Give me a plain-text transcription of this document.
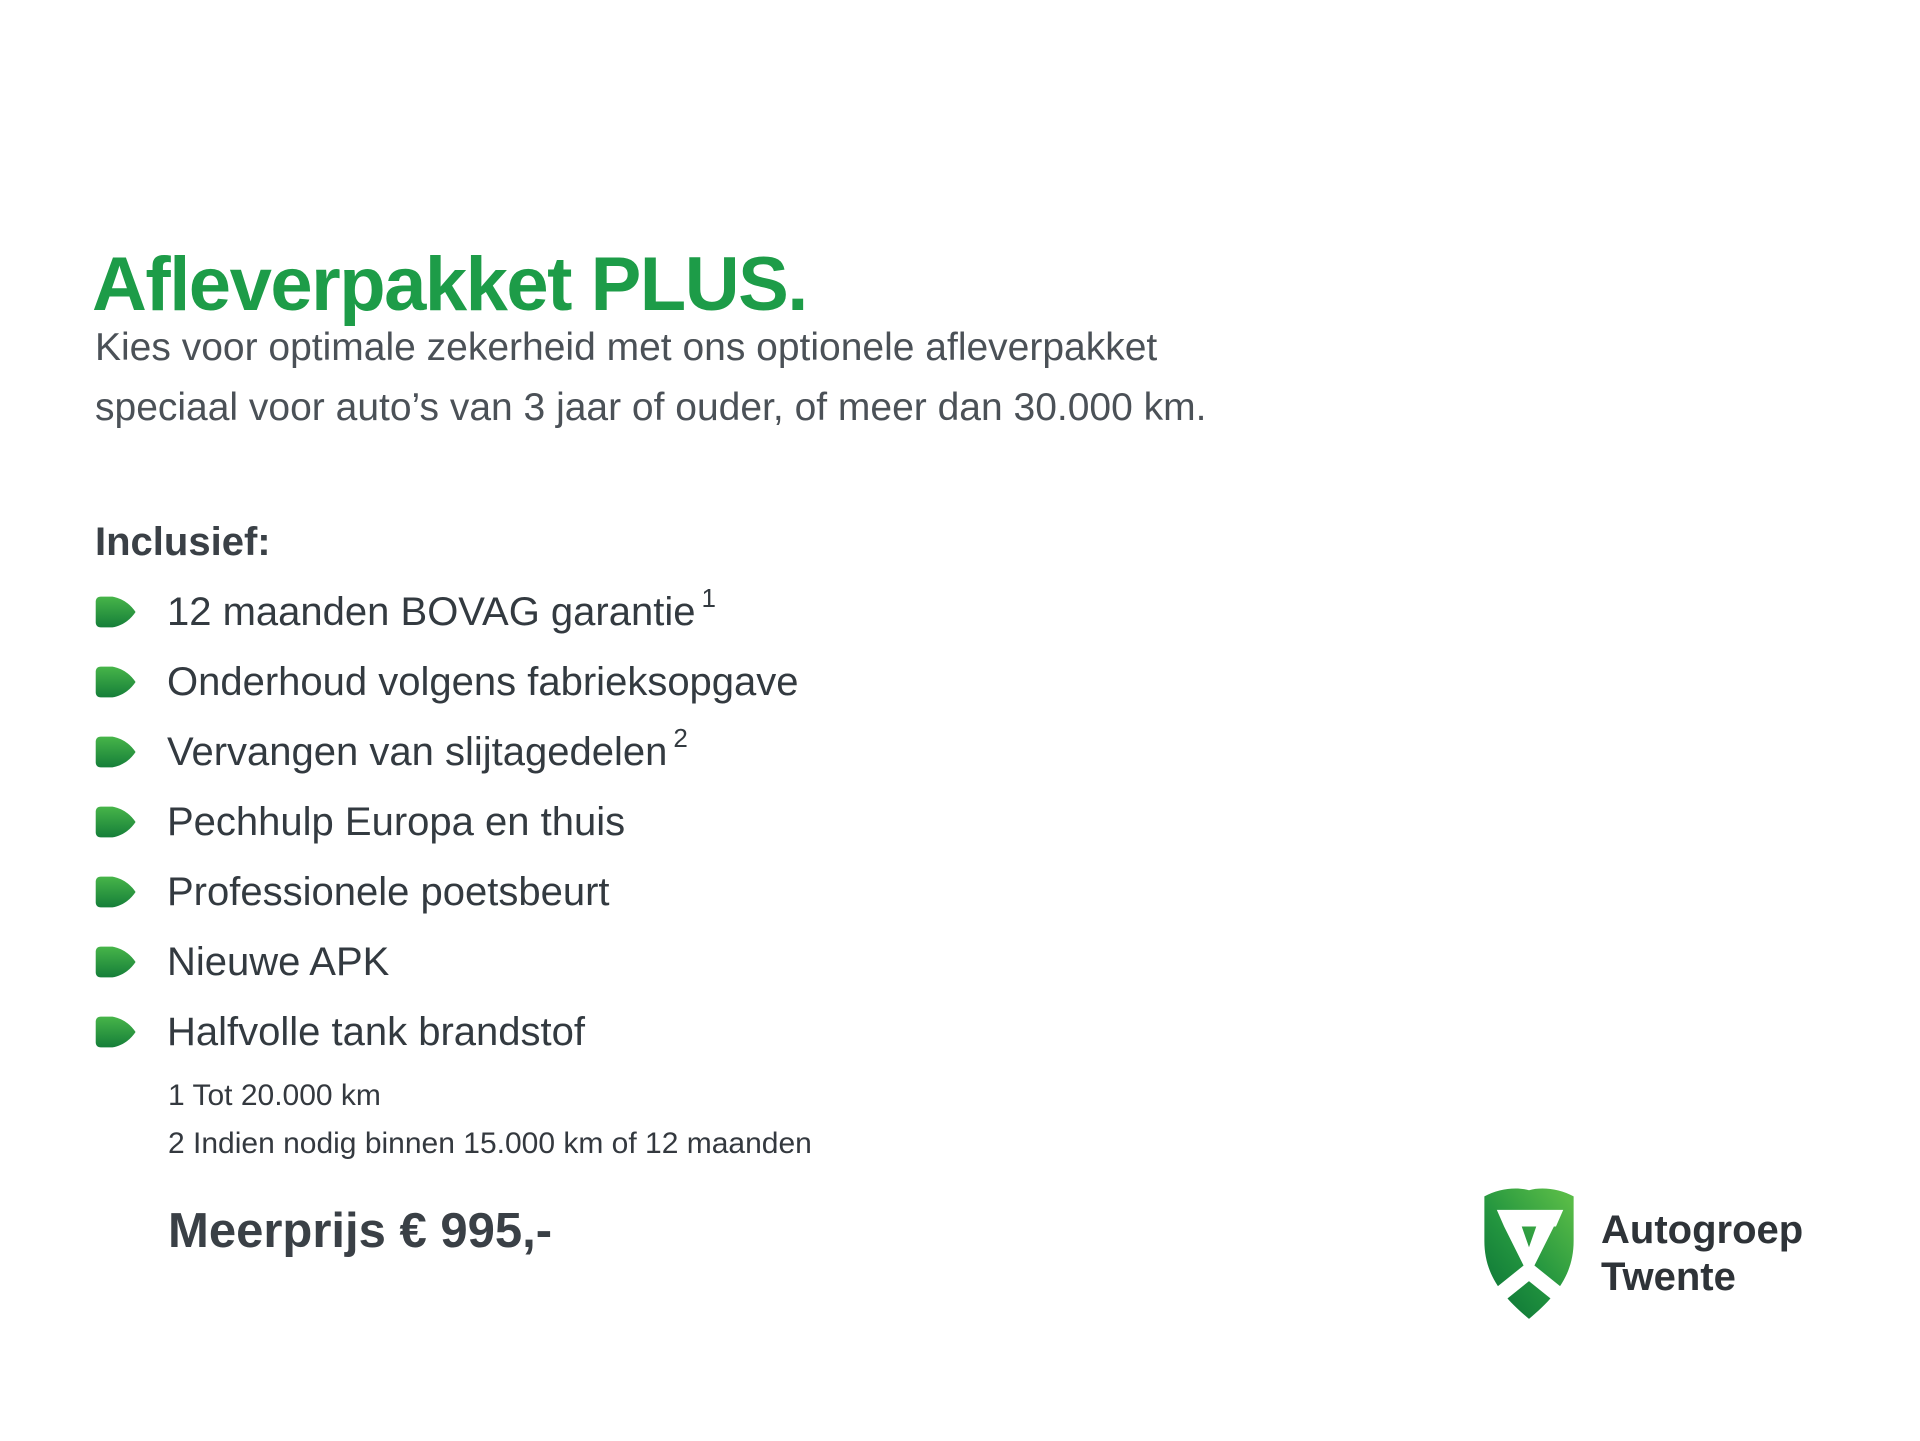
Afleverpakket PLUS.
Kies voor optimale zekerheid met ons optionele afleverpakket
speciaal voor auto’s van 3 jaar of ouder, of meer dan 30.000 km.
Inclusief:
12 maanden BOVAG garantie $^1$
Onderhoud volgens fabrieksopgave
Vervangen van slijtagedelen $^2$
Pechhulp Europa en thuis
Professionele poetsbeurt
Nieuwe APK
Halfvolle tank brandstof
1 Tot 20.000 km
2 Indien nodig binnen 15.000 km of 12 maanden
Meerprijs € 995,-	Autogroep
Twente
